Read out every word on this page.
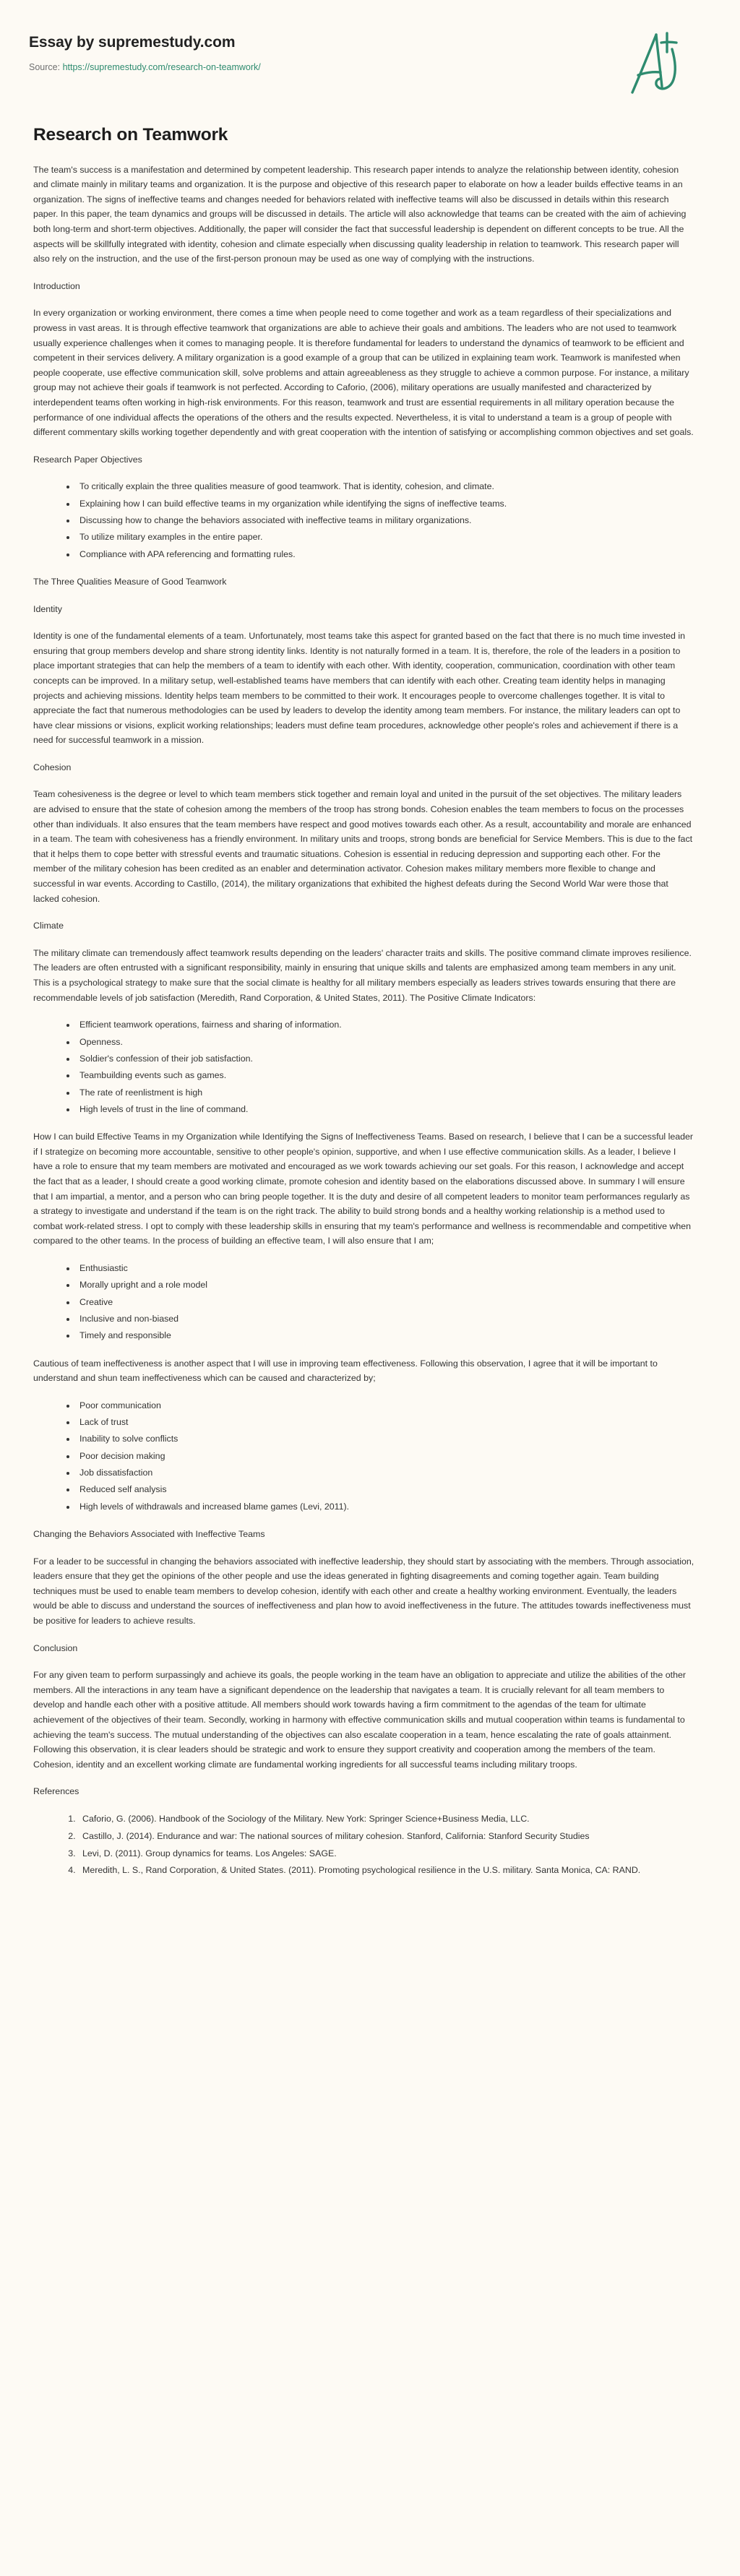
Essay by supremestudy.com
Source: https://supremestudy.com/research-on-teamwork/
Research on Teamwork

The team's success is a manifestation and determined by competent leadership. This research paper intends to analyze the relationship between identity, cohesion and climate mainly in military teams and organization. It is the purpose and objective of this research paper to elaborate on how a leader builds effective teams in an organization. The signs of ineffective teams and changes needed for behaviors related with ineffective teams will also be discussed in details within this research paper. In this paper, the team dynamics and groups will be discussed in details. The article will also acknowledge that teams can be created with the aim of achieving both long-term and short-term objectives. Additionally, the paper will consider the fact that successful leadership is dependent on different concepts to be true. All the aspects will be skillfully integrated with identity, cohesion and climate especially when discussing quality leadership in relation to teamwork. This research paper will also rely on the instruction, and the use of the first-person pronoun may be used as one way of complying with the instructions.

Introduction

In every organization or working environment, there comes a time when people need to come together and work as a team regardless of their specializations and prowess in vast areas. It is through effective teamwork that organizations are able to achieve their goals and ambitions. The leaders who are not used to teamwork usually experience challenges when it comes to managing people. It is therefore fundamental for leaders to understand the dynamics of teamwork to be efficient and competent in their services delivery. A military organization is a good example of a group that can be utilized in explaining team work. Teamwork is manifested when people cooperate, use effective communication skill, solve problems and attain agreeableness as they struggle to achieve a common purpose. For instance, a military group may not achieve their goals if teamwork is not perfected. According to Caforio, (2006), military operations are usually manifested and characterized by interdependent teams often working in high-risk environments. For this reason, teamwork and trust are essential requirements in all military operation because the performance of one individual affects the operations of the others and the results expected. Nevertheless, it is vital to understand a team is a group of people with different commentary skills working together dependently and with great cooperation with the intention of satisfying or accomplishing common objectives and set goals.

Research Paper Objectives

• To critically explain the three qualities measure of good teamwork. That is identity, cohesion, and climate.
• Explaining how I can build effective teams in my organization while identifying the signs of ineffective teams.
• Discussing how to change the behaviors associated with ineffective teams in military organizations.
• To utilize military examples in the entire paper.
• Compliance with APA referencing and formatting rules.

The Three Qualities Measure of Good Teamwork

Identity

Identity is one of the fundamental elements of a team. Unfortunately, most teams take this aspect for granted based on the fact that there is no much time invested in ensuring that group members develop and share strong identity links. Identity is not naturally formed in a team. It is, therefore, the role of the leaders in a position to place important strategies that can help the members of a team to identify with each other. With identity, cooperation, communication, coordination with other team concepts can be improved. In a military setup, well-established teams have members that can identify with each other. Creating team identity helps in managing projects and achieving missions. Identity helps team members to be committed to their work. It encourages people to overcome challenges together. It is vital to appreciate the fact that numerous methodologies can be used by leaders to develop the identity among team members. For instance, the military leaders can opt to have clear missions or visions, explicit working relationships; leaders must define team procedures, acknowledge other people's roles and achievement if there is a need for successful teamwork in a mission.

Cohesion

Team cohesiveness is the degree or level to which team members stick together and remain loyal and united in the pursuit of the set objectives. The military leaders are advised to ensure that the state of cohesion among the members of the troop has strong bonds. Cohesion enables the team members to focus on the processes other than individuals. It also ensures that the team members have respect and good motives towards each other. As a result, accountability and morale are enhanced in a team. The team with cohesiveness has a friendly environment. In military units and troops, strong bonds are beneficial for Service Members. This is due to the fact that it helps them to cope better with stressful events and traumatic situations. Cohesion is essential in reducing depression and supporting each other. For the member of the military cohesion has been credited as an enabler and determination activator. Cohesion makes military members more flexible to change and successful in war events. According to Castillo, (2014), the military organizations that exhibited the highest defeats during the Second World War were those that lacked cohesion.

Climate

The military climate can tremendously affect teamwork results depending on the leaders' character traits and skills. The positive command climate improves resilience. The leaders are often entrusted with a significant responsibility, mainly in ensuring that unique skills and talents are emphasized among team members in any unit. This is a psychological strategy to make sure that the social climate is healthy for all military members especially as leaders strives towards ensuring that there are recommendable levels of job satisfaction (Meredith, Rand Corporation, & United States, 2011). The Positive Climate Indicators:

• Efficient teamwork operations, fairness and sharing of information.
• Openness.
• Soldier's confession of their job satisfaction.
• Teambuilding events such as games.
• The rate of reenlistment is high
• High levels of trust in the line of command.

How I can build Effective Teams in my Organization while Identifying the Signs of Ineffectiveness Teams. Based on research, I believe that I can be a successful leader if I strategize on becoming more accountable, sensitive to other people's opinion, supportive, and when I use effective communication skills. As a leader, I believe I have a role to ensure that my team members are motivated and encouraged as we work towards achieving our set goals. For this reason, I acknowledge and accept the fact that as a leader, I should create a good working climate, promote cohesion and identity based on the elaborations discussed above. In summary I will ensure that I am impartial, a mentor, and a person who can bring people together. It is the duty and desire of all competent leaders to monitor team performances regularly as a strategy to investigate and understand if the team is on the right track. The ability to build strong bonds and a healthy working relationship is a method used to combat work-related stress. I opt to comply with these leadership skills in ensuring that my team's performance and wellness is recommendable and competitive when compared to the other teams. In the process of building an effective team, I will also ensure that I am;

• Enthusiastic
• Morally upright and a role model
• Creative
• Inclusive and non-biased
• Timely and responsible

Cautious of team ineffectiveness is another aspect that I will use in improving team effectiveness. Following this observation, I agree that it will be important to understand and shun team ineffectiveness which can be caused and characterized by;

• Poor communication
• Lack of trust
• Inability to solve conflicts
• Poor decision making
• Job dissatisfaction
• Reduced self analysis
• High levels of withdrawals and increased blame games (Levi, 2011).

Changing the Behaviors Associated with Ineffective Teams

For a leader to be successful in changing the behaviors associated with ineffective leadership, they should start by associating with the members. Through association, leaders ensure that they get the opinions of the other people and use the ideas generated in fighting disagreements and coming together again. Team building techniques must be used to enable team members to develop cohesion, identify with each other and create a healthy working environment. Eventually, the leaders would be able to discuss and understand the sources of ineffectiveness and plan how to avoid ineffectiveness in the future. The attitudes towards ineffectiveness must be positive for leaders to achieve results.

Conclusion

For any given team to perform surpassingly and achieve its goals, the people working in the team have an obligation to appreciate and utilize the abilities of the other members. All the interactions in any team have a significant dependence on the leadership that navigates a team. It is crucially relevant for all team members to develop and handle each other with a positive attitude. All members should work towards having a firm commitment to the agendas of the team for ultimate achievement of the objectives of their team. Secondly, working in harmony with effective communication skills and mutual cooperation within teams is fundamental to achieving the team's success. The mutual understanding of the objectives can also escalate cooperation in a team, hence escalating the rate of goals attainment. Following this observation, it is clear leaders should be strategic and work to ensure they support creativity and cooperation among the members of the team. Cohesion, identity and an excellent working climate are fundamental working ingredients for all successful teams including military troops.

References

1. Caforio, G. (2006). Handbook of the Sociology of the Military. New York: Springer Science+Business Media, LLC.
2. Castillo, J. (2014). Endurance and war: The national sources of military cohesion. Stanford, California: Stanford Security Studies
3. Levi, D. (2011). Group dynamics for teams. Los Angeles: SAGE.
4. Meredith, L. S., Rand Corporation, & United States. (2011). Promoting psychological resilience in the U.S. military. Santa Monica, CA: RAND.
